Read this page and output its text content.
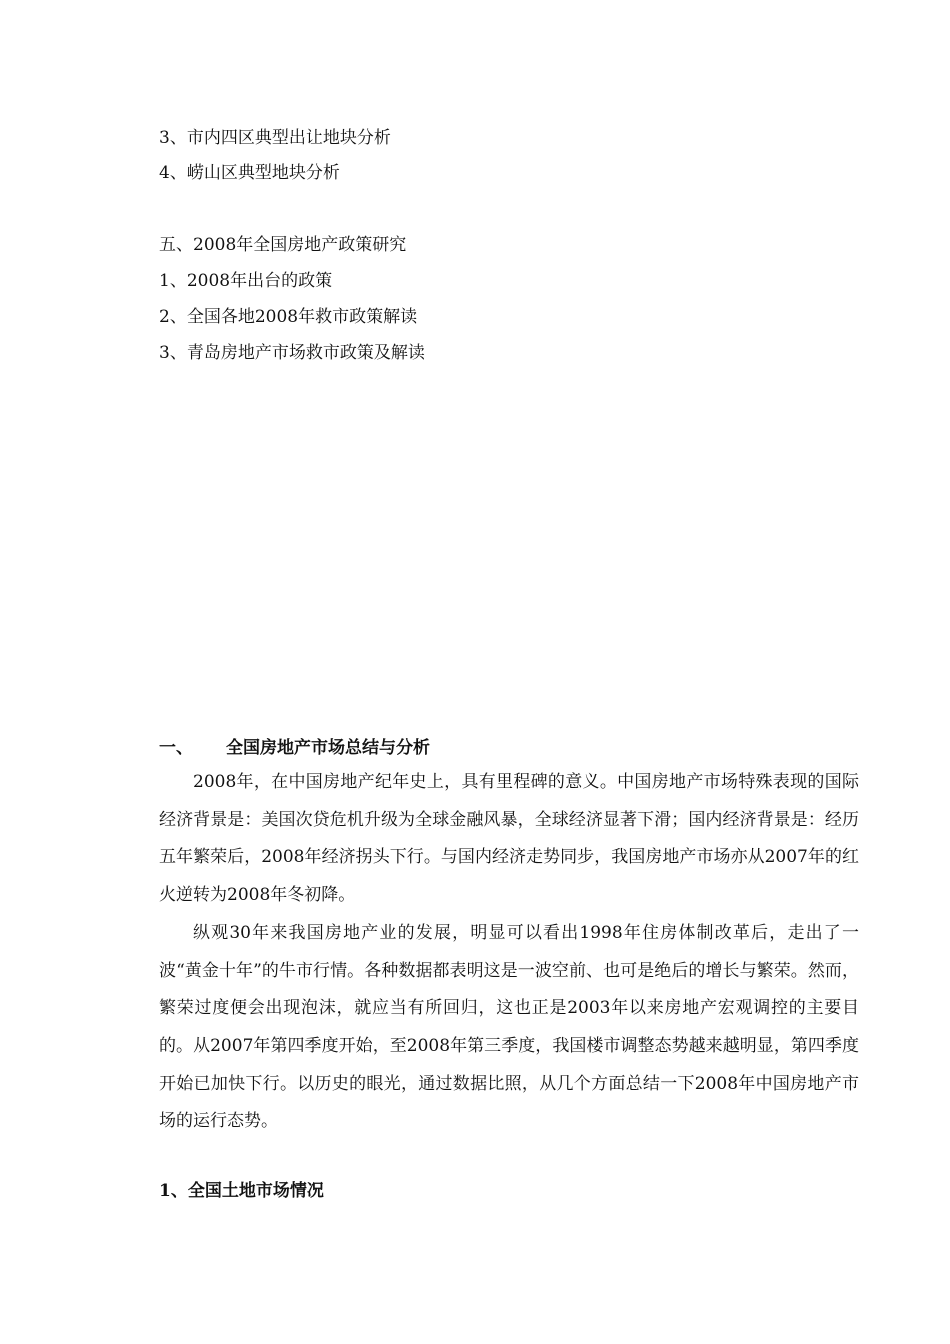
3、市内四区典型出让地块分析
4、崂山区典型地块分析
五、2008年全国房地产政策研究
1、2008年出台的政策
2、全国各地2008年救市政策解读
3、青岛房地产市场救市政策及解读
一、 全国房地产市场总结与分析

2008年，在中国房地产纪年史上，具有里程碑的意义。中国房地产市场特殊表现的国际经济背景是：美国次贷危机升级为全球金融风暴，全球经济显著下滑；国内经济背景是：经历五年繁荣后，2008年经济拐头下行。与国内经济走势同步，我国房地产市场亦从2007年的红火逆转为2008年冬初降。

纵观30年来我国房地产业的发展，明显可以看出1998年住房体制改革后，走出了一波“黄金十年”的牛市行情。各种数据都表明这是一波空前、也可是绝后的增长与繁荣。然而，繁荣过度便会出现泡沫，就应当有所回归，这也正是2003年以来房地产宏观调控的主要目的。从2007年第四季度开始，至2008年第三季度，我国楼市调整态势越来越明显，第四季度开始已加快下行。以历史的眼光，通过数据比照，从几个方面总结一下2008年中国房地产市场的运行态势。

1、全国土地市场情况
